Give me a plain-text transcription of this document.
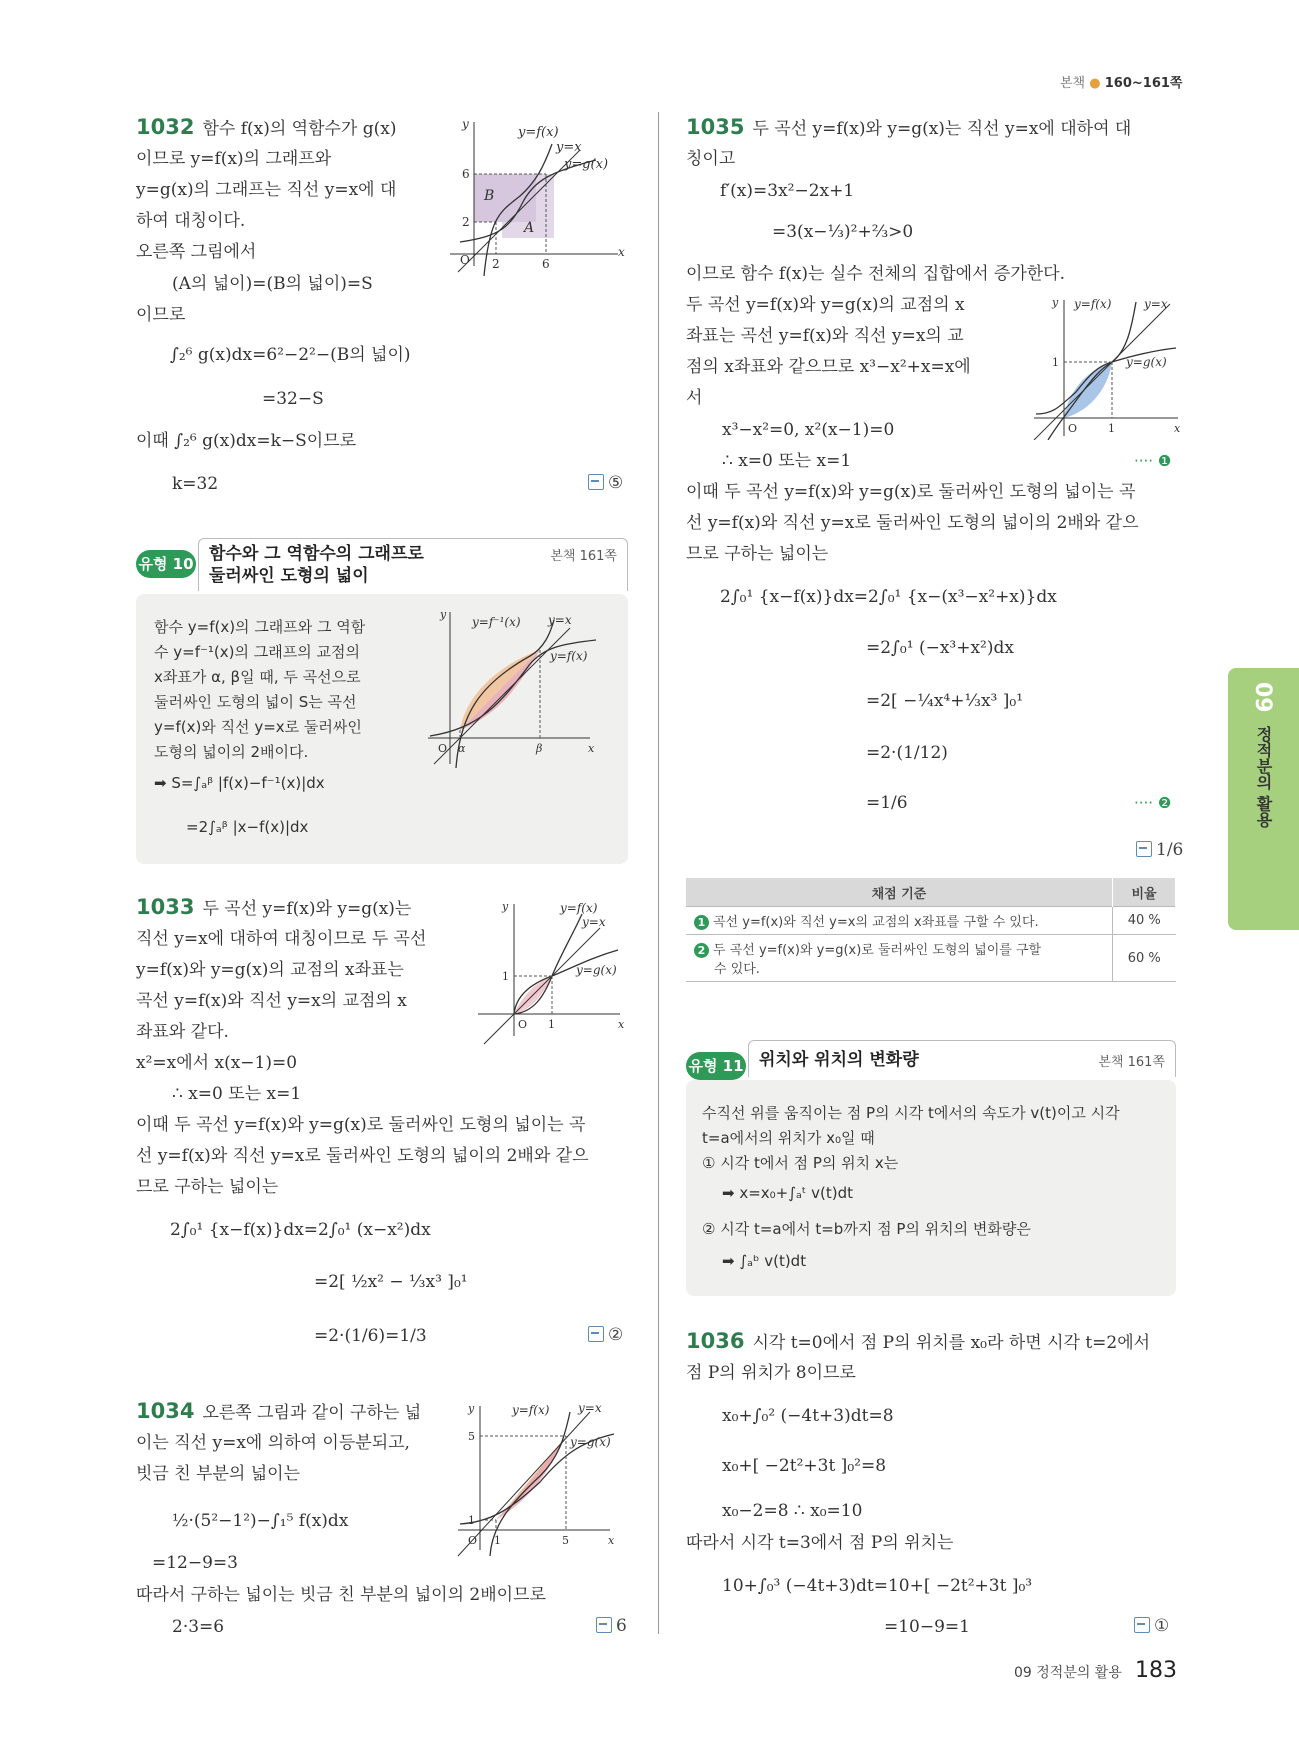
본책 ● 160~161쪽
09
정적분의 활용
1032 함수 f(x)의 역함수가 g(x)
이므로 y=f(x)의 그래프와
y=g(x)의 그래프는 직선 y=x에 대
하여 대칭이다.
오른쪽 그림에서
(A의 넓이)=(B의 넓이)=S
이므로
∫₂⁶ g(x)dx=6²−2²−(B의 넓이)
=32−S
이때 ∫₂⁶ g(x)dx=k−S이므로
k=32	⑤
y=f(x)
y=x
y=g(x)
y
x
O 2	6
6
2	A
B
유형 10 함수와 그 역함수의 그래프로
둘러싸인 도형의 넓이
본책 161쪽
함수 y=f(x)의 그래프와 그 역함
수 y=f⁻¹(x)의 그래프의 교점의
x좌표가 α, β일 때, 두 곡선으로
둘러싸인 도형의 넓이 S는 곡선
y=f(x)와 직선 y=x로 둘러싸인
도형의 넓이의 2배이다.
➡ S=∫ₐᵝ |f(x)−f⁻¹(x)|dx
=2∫ₐᵝ |x−f(x)|dx
y=f⁻¹(x) y=x
y=f(x)
y
x
O α	β
1033 두 곡선 y=f(x)와 y=g(x)는
직선 y=x에 대하여 대칭이므로 두 곡선
y=f(x)와 y=g(x)의 교점의 x좌표는
곡선 y=f(x)와 직선 y=x의 교점의 x
좌표와 같다.
x²=x에서 x(x−1)=0
∴ x=0 또는 x=1
이때 두 곡선 y=f(x)와 y=g(x)로 둘러싸인 도형의 넓이는 곡
선 y=f(x)와 직선 y=x로 둘러싸인 도형의 넓이의 2배와 같으
므로 구하는 넓이는
2∫₀¹ {x−f(x)}dx=2∫₀¹ (x−x²)dx
=2[ ½x² − ⅓x³ ]₀¹
=2·(1/6)=1/3	②
y=f(x)
y=x
y=g(x)
y
x
O 1
1
1034 오른쪽 그림과 같이 구하는 넓
이는 직선 y=x에 의하여 이등분되고,
빗금 친 부분의 넓이는
½·(5²−1²)−∫₁⁵ f(x)dx
=12−9=3
따라서 구하는 넓이는 빗금 친 부분의 넓이의 2배이므로
2·3=6	6
y=f(x) y=x
y=g(x)
y
x
O 1	5
1
5
1035 두 곡선 y=f(x)와 y=g(x)는 직선 y=x에 대하여 대
칭이고
f′(x)=3x²−2x+1
=3(x−⅓)²+⅔>0
이므로 함수 f(x)는 실수 전체의 집합에서 증가한다.
두 곡선 y=f(x)와 y=g(x)의 교점의 x
좌표는 곡선 y=f(x)와 직선 y=x의 교
점의 x좌표와 같으므로 x³−x²+x=x에
서
x³−x²=0, x²(x−1)=0
∴ x=0 또는 x=1	···· ❶
이때 두 곡선 y=f(x)와 y=g(x)로 둘러싸인 도형의 넓이는 곡
선 y=f(x)와 직선 y=x로 둘러싸인 도형의 넓이의 2배와 같으
므로 구하는 넓이는
2∫₀¹ {x−f(x)}dx=2∫₀¹ {x−(x³−x²+x)}dx
=2∫₀¹ (−x³+x²)dx
=2[ −¼x⁴+⅓x³ ]₀¹
=2·(1/12)
=1/6	···· ❷
1/6
y=f(x)	y=x
y=g(x)
y
x
O	1
1
채점 기준	비율
1 곡선 y=f(x)와 직선 y=x의 교점의 x좌표를 구할 수 있다.	40 %
2 두 곡선 y=f(x)와 y=g(x)로 둘러싸인 도형의 넓이를 구할
수 있다.	60 %
유형 11 위치와 위치의 변화량	본책 161쪽
수직선 위를 움직이는 점 P의 시각 t에서의 속도가 v(t)이고 시각
t=a에서의 위치가 x₀일 때
① 시각 t에서 점 P의 위치 x는
➡ x=x₀+∫ₐᵗ v(t)dt
② 시각 t=a에서 t=b까지 점 P의 위치의 변화량은
➡ ∫ₐᵇ v(t)dt
1036 시각 t=0에서 점 P의 위치를 x₀라 하면 시각 t=2에서
점 P의 위치가 8이므로
x₀+∫₀² (−4t+3)dt=8
x₀+[ −2t²+3t ]₀²=8
x₀−2=8 ∴ x₀=10
따라서 시각 t=3에서 점 P의 위치는
10+∫₀³ (−4t+3)dt=10+[ −2t²+3t ]₀³
=10−9=1	①
09 정적분의 활용 183
